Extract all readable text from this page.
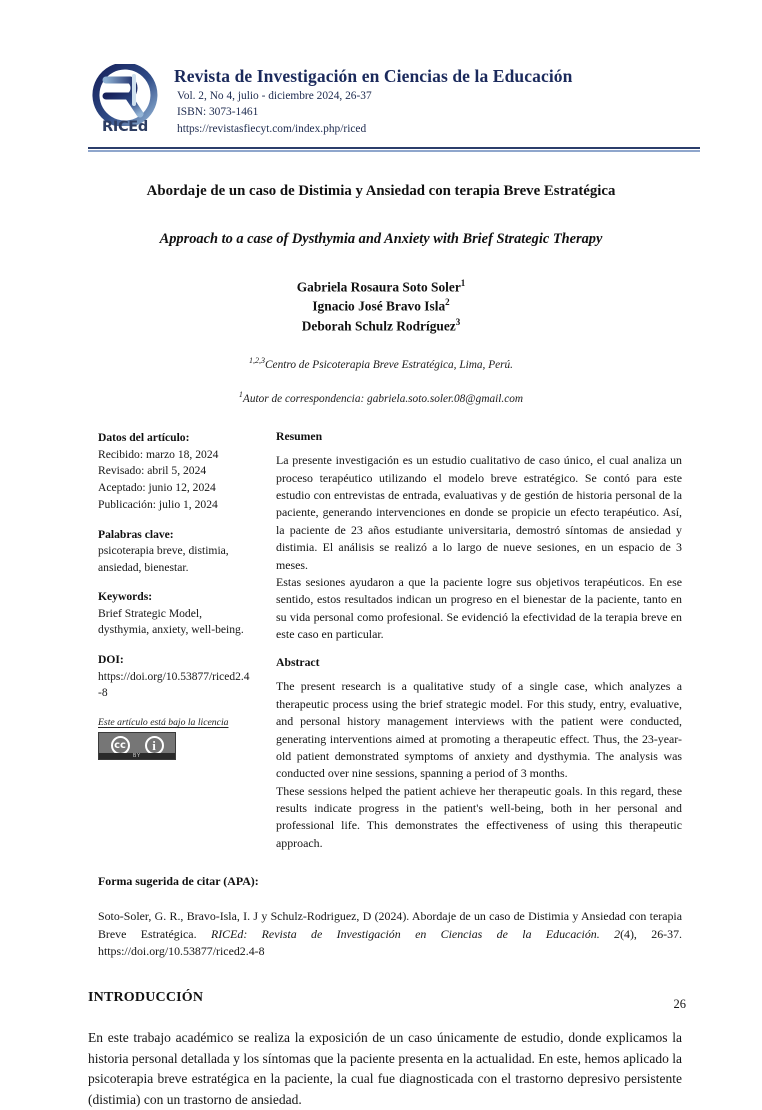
RICEd
Revista de Investigación en Ciencias de la Educación
Vol. 2, No 4, julio - diciembre 2024, 26-37
ISBN: 3073-1461
https://revistasfiecyt.com/index.php/riced
Abordaje de un caso de Distimia y Ansiedad con terapia Breve Estratégica
Approach to a case of Dysthymia and Anxiety with Brief Strategic Therapy
Gabriela Rosaura Soto Soler$^1$
Ignacio José Bravo Isla$^2$
Deborah Schulz Rodríguez$^3$
$^{1,2,3}$Centro de Psicoterapia Breve Estratégica, Lima, Perú.
$^1$Autor de correspondencia: gabriela.soto.soler.08@gmail.com
Datos del artículo:
Recibido: marzo 18, 2024
Revisado: abril 5, 2024
Aceptado: junio 12, 2024
Publicación: julio 1, 2024
Palabras clave:
psicoterapia breve, distimia, ansiedad, bienestar.
Keywords:
Brief Strategic Model, dysthymia, anxiety, well-being.
DOI:
https://doi.org/10.53877/riced2.4-8
Este artículo está bajo la licencia
cc	i
BY
Resumen

La presente investigación es un estudio cualitativo de caso único, el cual analiza un proceso terapéutico utilizando el modelo breve estratégico. Se contó para este estudio con entrevistas de entrada, evaluativas y de gestión de historia personal de la paciente, generando intervenciones en donde se propicie un efecto terapéutico. Así, la paciente de 23 años estudiante universitaria, demostró síntomas de ansiedad y distimia. El análisis se realizó a lo largo de nueve sesiones, en un espacio de 3 meses.

Estas sesiones ayudaron a que la paciente logre sus objetivos terapéuticos. En ese sentido, estos resultados indican un progreso en el bienestar de la paciente, tanto en su vida personal como profesional. Se evidenció la efectividad de la terapia breve en este caso en particular.

Abstract

The present research is a qualitative study of a single case, which analyzes a therapeutic process using the brief strategic model. For this study, entry, evaluative, and personal history management interviews with the patient were conducted, generating interventions aimed at promoting a therapeutic effect. Thus, the 23-year-old patient demonstrated symptoms of anxiety and dysthymia. The analysis was conducted over nine sessions, spanning a period of 3 months.

These sessions helped the patient achieve her therapeutic goals. In this regard, these results indicate progress in the patient's well-being, both in her personal and professional life. This demonstrates the effectiveness of using this therapeutic approach.

Forma sugerida de citar (APA):
Soto-Soler, G. R., Bravo-Isla, I. J y Schulz-Rodriguez, D (2024). Abordaje de un caso de Distimia y Ansiedad con terapia Breve Estratégica. RICEd: Revista de Investigación en Ciencias de la Educación. 2(4), 26-37. https://doi.org/10.53877/riced2.4-8
INTRODUCCIÓN
En este trabajo académico se realiza la exposición de un caso únicamente de estudio, donde explicamos la historia personal detallada y los síntomas que la paciente presenta en la actualidad. En este, hemos aplicado la psicoterapia breve estratégica en la paciente, la cual fue diagnosticada con el trastorno depresivo persistente (distimia) con un trastorno de ansiedad.
26
